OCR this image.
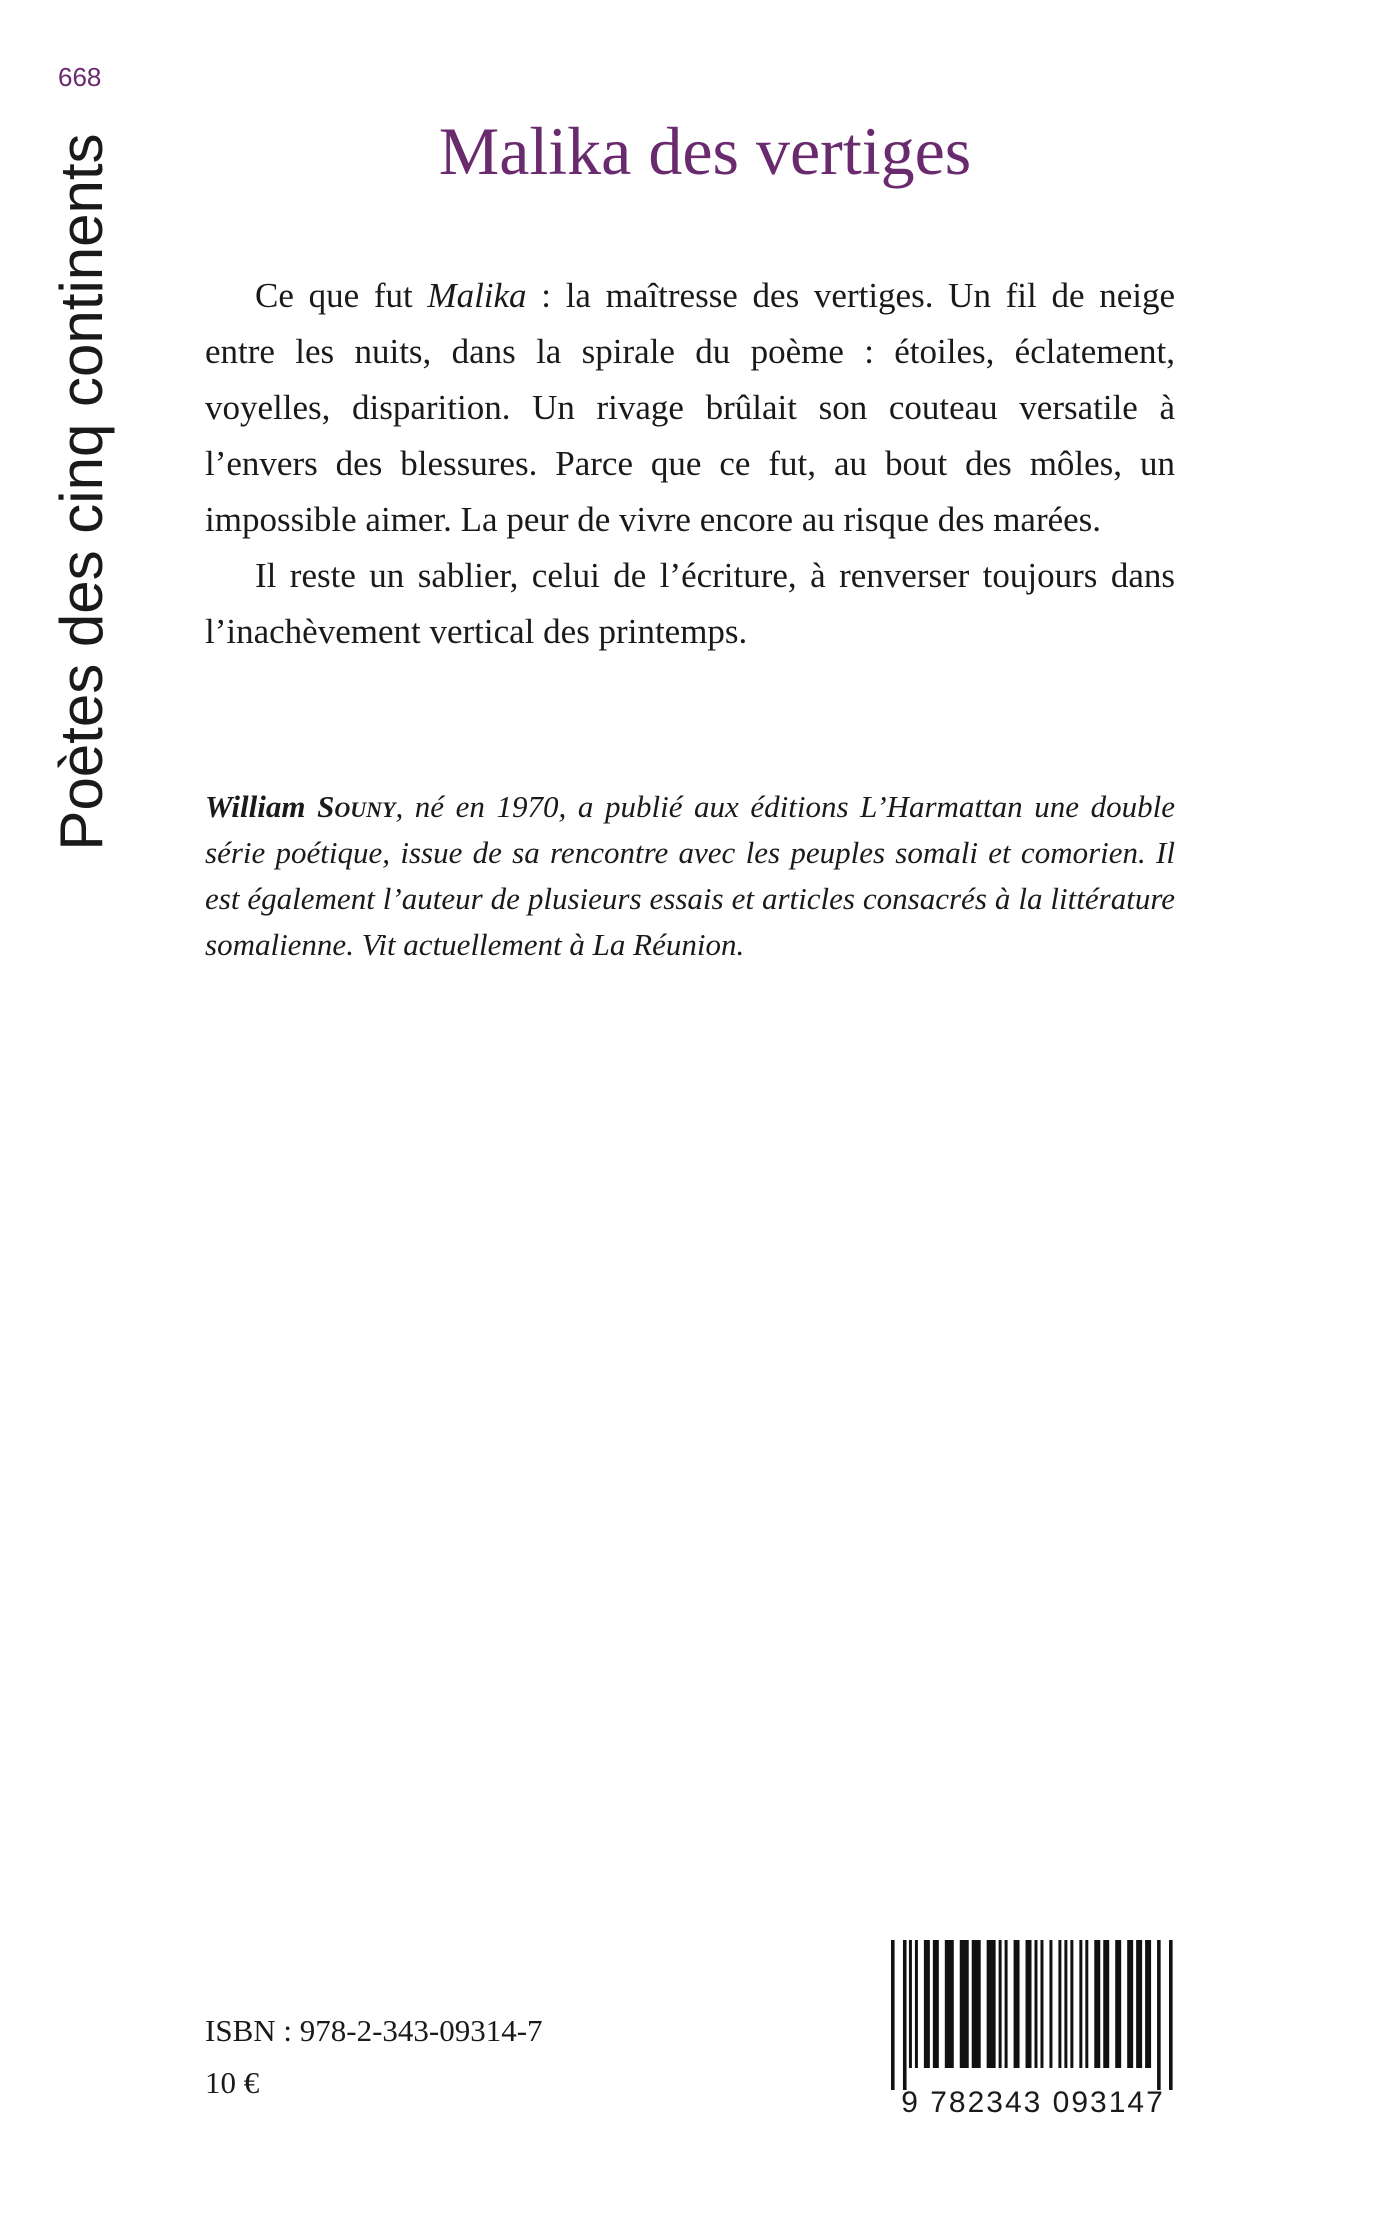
668
Poètes des cinq continents	Malika des vertiges

Ce que fut Malika : la maîtresse des vertiges. Un fil de neige entre les nuits, dans la spirale du poème : étoiles, éclatement, voyelles, disparition. Un rivage brûlait son couteau versatile à l’envers des blessures. Parce que ce fut, au bout des môles, un impossible aimer. La peur de vivre encore au risque des marées.

Il reste un sablier, celui de l’écriture, à renverser toujours dans l’inachèvement vertical des printemps.

William Souny, né en 1970, a publié aux éditions L’Harmattan une double série poétique, issue de sa rencontre avec les peuples somali et comorien. Il est également l’auteur de plusieurs essais et articles consacrés à la littérature somalienne. Vit actuellement à La Réunion.

ISBN : 978-2-343-09314-7
10 €
9 782343 093147
